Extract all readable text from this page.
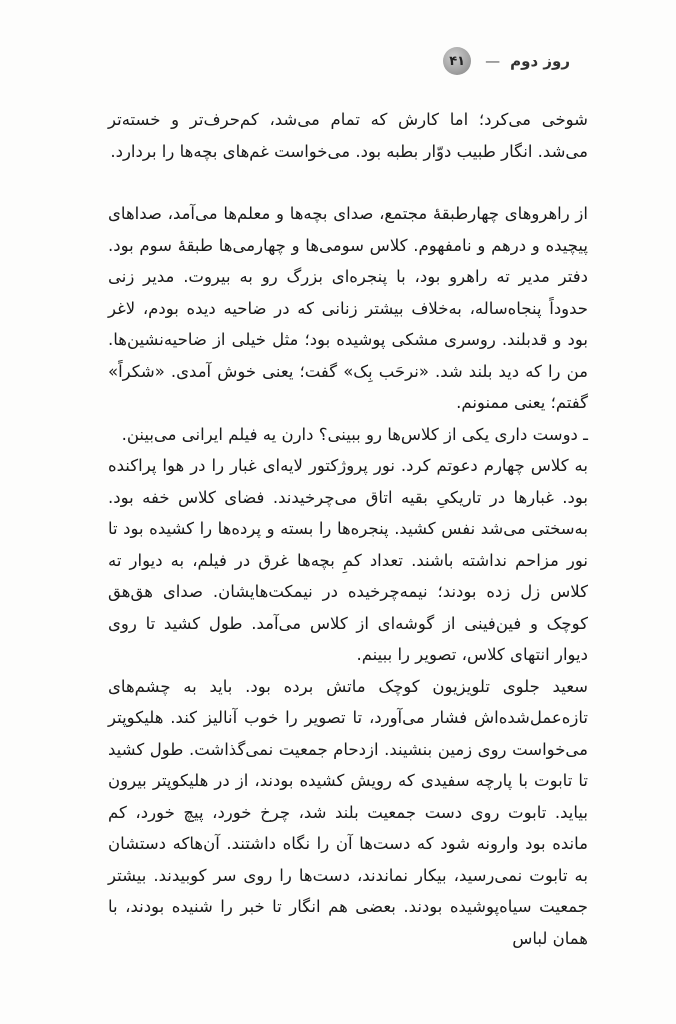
روز دوم
—
۴۱

شوخی می‌کرد؛ اما کارش که تمام می‌شد، کم‌حرف‌تر و خسته‌تر می‌شد. انگار طبیب دوّار بطبه بود. می‌خواست غم‌های بچه‌ها را بردارد.

از راهروهای چهارطبقهٔ مجتمع، صدای بچه‌ها و معلم‌ها می‌آمد، صداهای پیچیده و درهم و نامفهوم. کلاس سومی‌ها و چهارمی‌ها طبقهٔ سوم بود. دفتر مدیر ته راهرو بود، با پنجره‌ای بزرگ رو به بیروت. مدیر زنی حدوداً پنجاه‌ساله، به‌خلاف بیشتر زنانی که در ضاحیه دیده بودم، لاغر بود و قدبلند. روسری مشکی پوشیده بود؛ مثل خیلی از ضاحیه‌نشین‌ها. من را که دید بلند شد. «نرحَب بِک» گفت؛ یعنی خوش آمدی. «شکراً» گفتم؛ یعنی ممنونم.

ـ دوست داری یکی از کلاس‌ها رو ببینی؟ دارن یه فیلم ایرانی می‌بینن.

به کلاس چهارم دعوتم کرد. نور پروژکتور لایه‌ای غبار را در هوا پراکنده بود. غبارها در تاریکیِ بقیه اتاق می‌چرخیدند. فضای کلاس خفه بود. به‌سختی می‌شد نفس کشید. پنجره‌ها را بسته و پرده‌ها را کشیده بود تا نور مزاحم نداشته باشند. تعداد کمِ بچه‌ها غرق در فیلم، به دیوار ته کلاس زل زده بودند؛ نیمه‌چرخیده در نیمکت‌هایشان. صدای هق‌هق کوچک و فین‌فینی از گوشه‌ای از کلاس می‌آمد. طول کشید تا روی دیوار انتهای کلاس، تصویر را ببینم.

سعید جلوی تلویزیون کوچک ماتش برده بود. باید به چشم‌های تازه‌عمل‌شده‌اش فشار می‌آورد، تا تصویر را خوب آنالیز کند. هلیکوپتر می‌خواست روی زمین بنشیند. ازدحام جمعیت نمی‌گذاشت. طول کشید تا تابوت با پارچه سفیدی که رویش کشیده بودند، از در هلیکوپتر بیرون بیاید. تابوت روی دست جمعیت بلند شد، چرخ خورد، پیچ خورد، کم مانده بود وارونه شود که دست‌ها آن را نگاه داشتند. آن‌هاکه دستشان به تابوت نمی‌رسید، بیکار نماندند، دست‌ها را روی سر کوبیدند. بیشتر جمعیت سیاه‌پوشیده بودند. بعضی هم انگار تا خبر را شنیده بودند، با همان لباس
